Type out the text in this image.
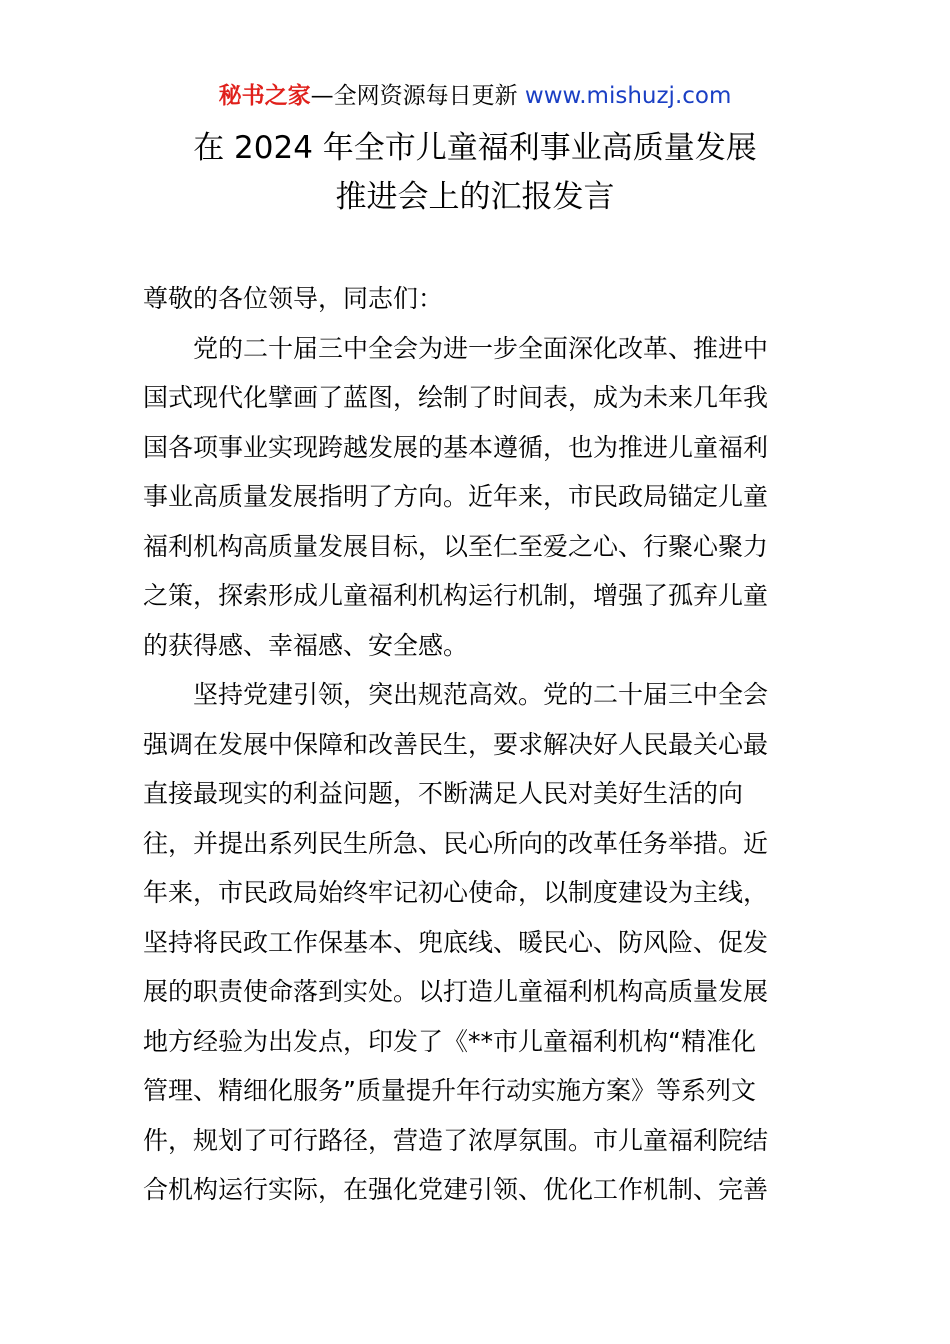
秘书之家—全网资源每日更新 www.mishuzj.com
在 2024 年全市儿童福利事业高质量发展
推进会上的汇报发言
尊敬的各位领导，同志们：
党的二十届三中全会为进一步全面深化改革、推进中
国式现代化擘画了蓝图，绘制了时间表，成为未来几年我
国各项事业实现跨越发展的基本遵循，也为推进儿童福利
事业高质量发展指明了方向。近年来，市民政局锚定儿童
福利机构高质量发展目标，以至仁至爱之心、行聚心聚力
之策，探索形成儿童福利机构运行机制，增强了孤弃儿童
的获得感、幸福感、安全感。
坚持党建引领，突出规范高效。党的二十届三中全会
强调在发展中保障和改善民生，要求解决好人民最关心最
直接最现实的利益问题，不断满足人民对美好生活的向
往，并提出系列民生所急、民心所向的改革任务举措。近
年来，市民政局始终牢记初心使命，以制度建设为主线，
坚持将民政工作保基本、兜底线、暖民心、防风险、促发
展的职责使命落到实处。以打造儿童福利机构高质量发展
地方经验为出发点，印发了《**市儿童福利机构“精准化
管理、精细化服务”质量提升年行动实施方案》等系列文
件，规划了可行路径，营造了浓厚氛围。市儿童福利院结
合机构运行实际，在强化党建引领、优化工作机制、完善
